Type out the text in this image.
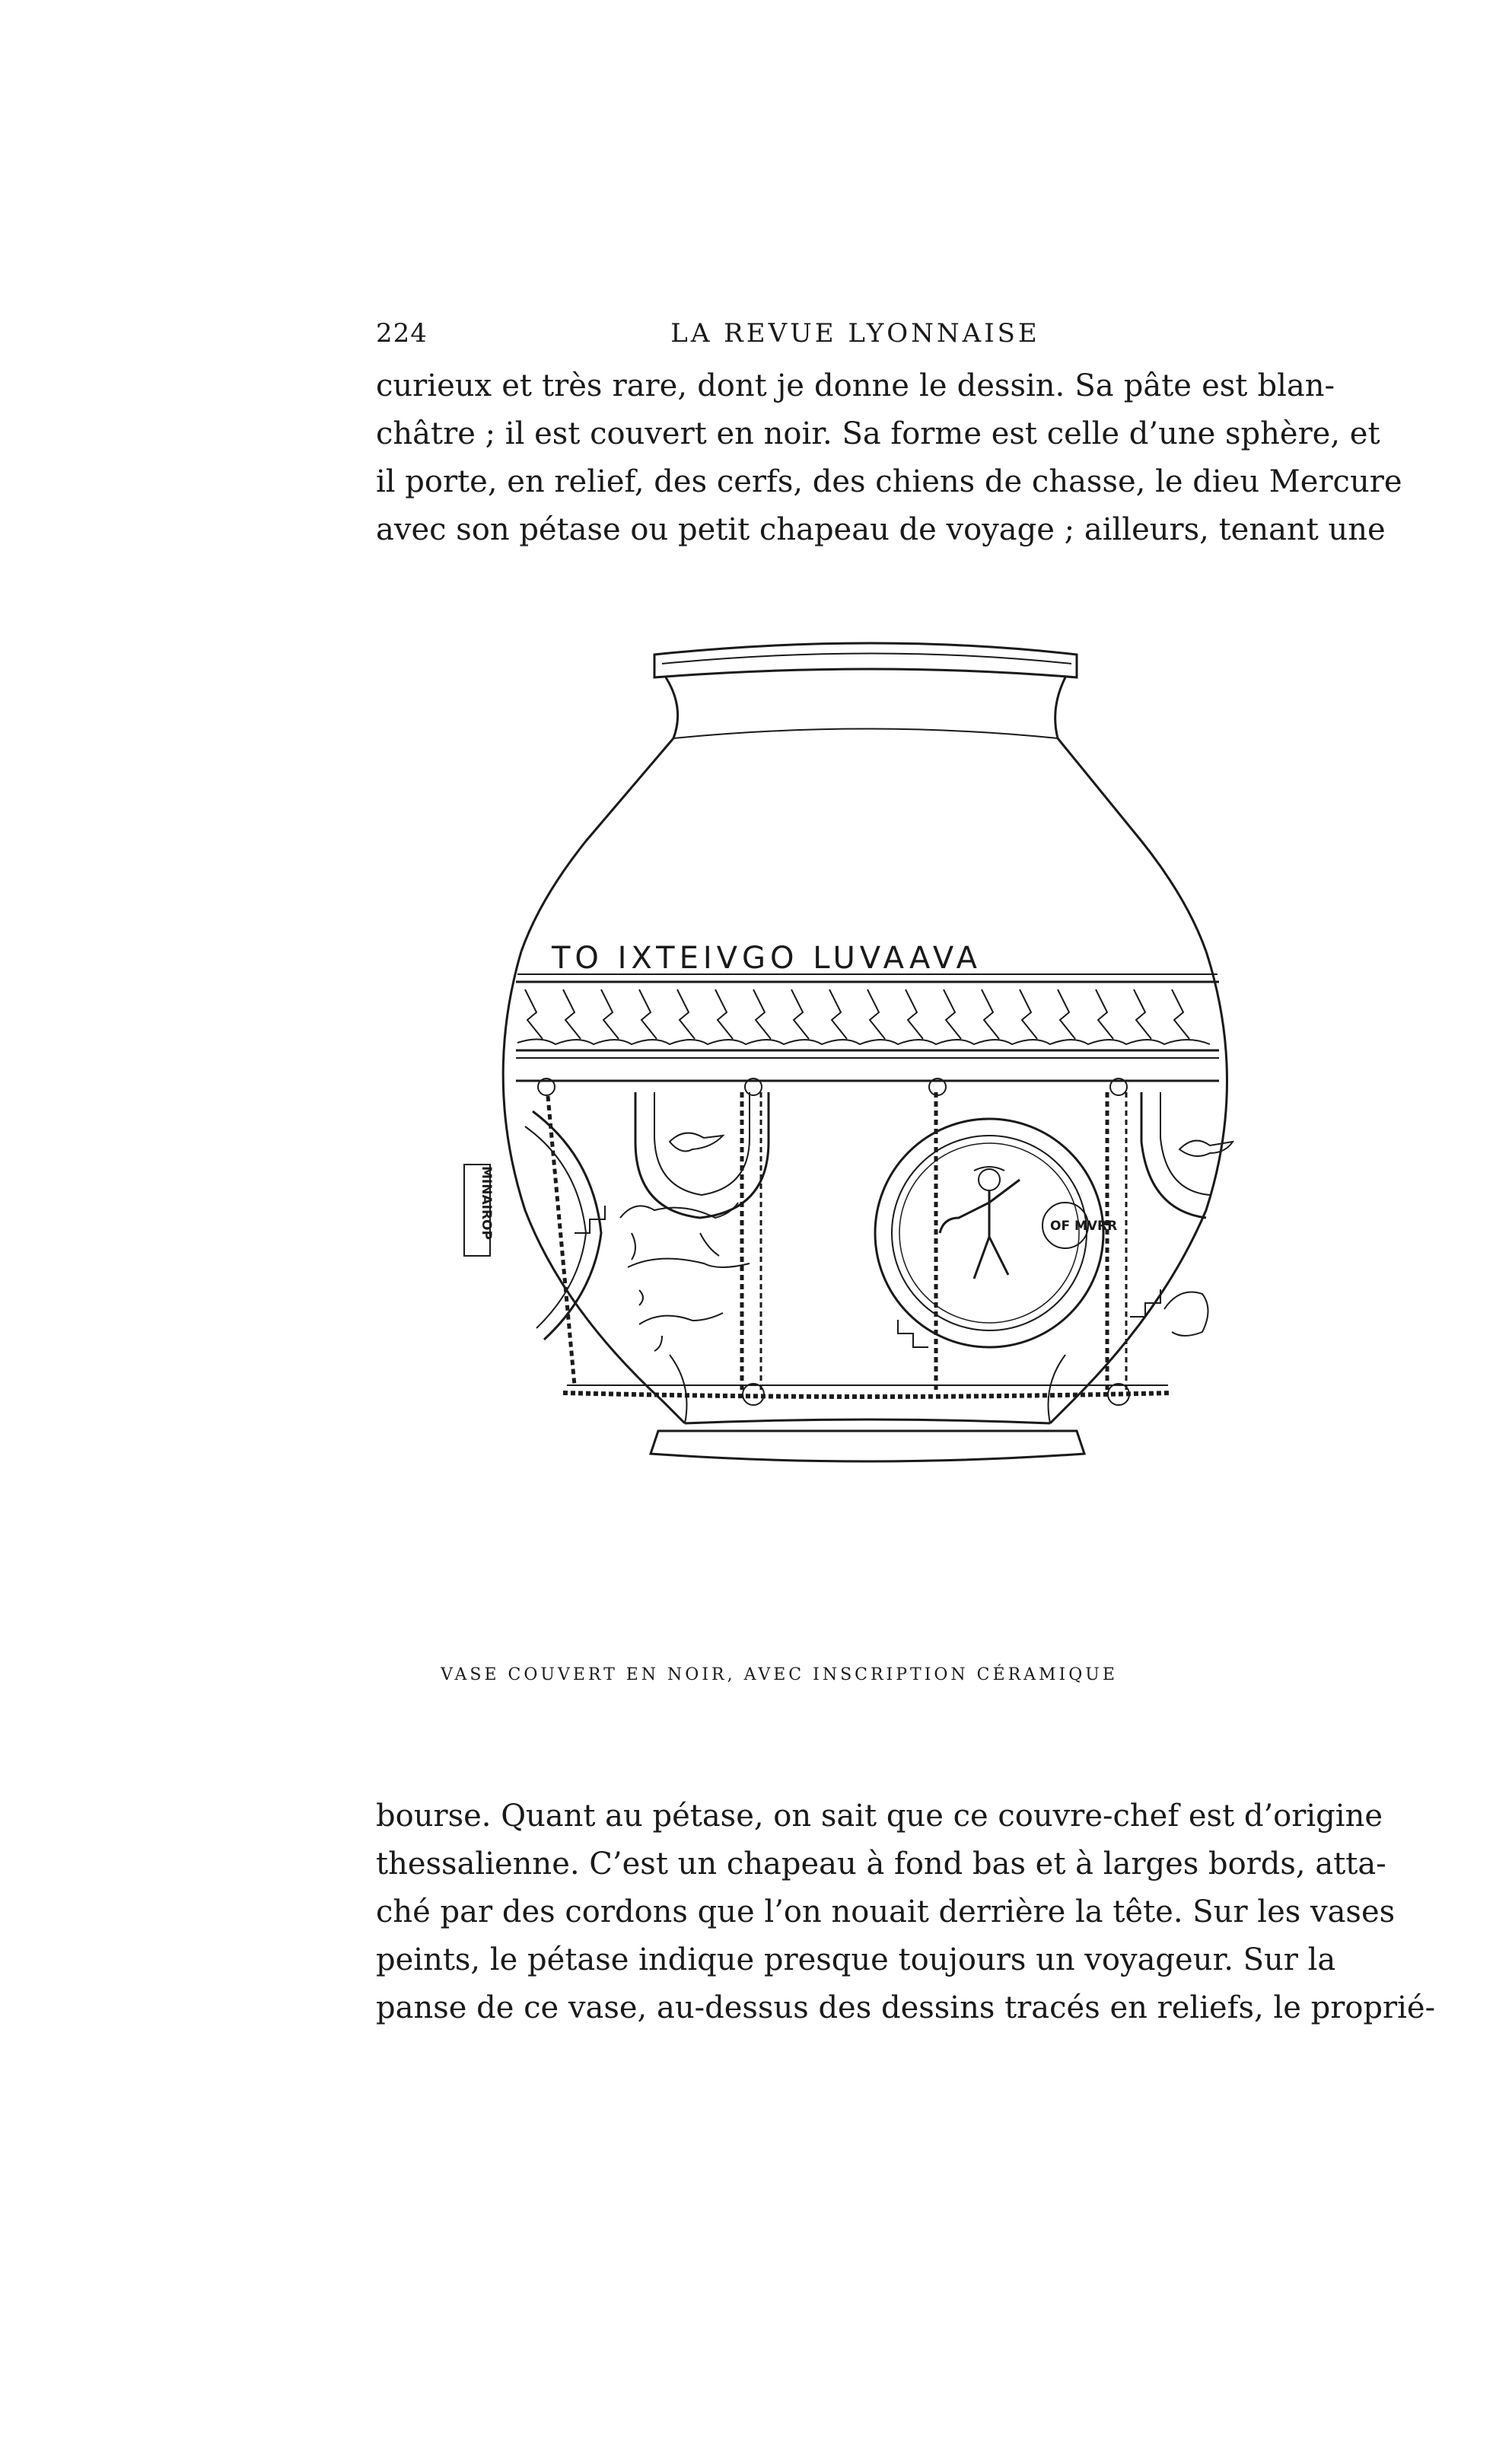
224	LA REVUE LYONNAISE
curieux et très rare, dont je donne le dessin. Sa pâte est blan-
châtre ; il est couvert en noir. Sa forme est celle d’une sphère, et
il porte, en relief, des cerfs, des chiens de chasse, le dieu Mercure
avec son pétase ou petit chapeau de voyage ; ailleurs, tenant une
MINAIROP	OF MVRR
TO IXTEIVGO LUVAAVA
VASE COUVERT EN NOIR, AVEC INSCRIPTION CÉRAMIQUE
bourse. Quant au pétase, on sait que ce couvre-chef est d’origine
thessalienne. C’est un chapeau à fond bas et à larges bords, atta-
ché par des cordons que l’on nouait derrière la tête. Sur les vases
peints, le pétase indique presque toujours un voyageur. Sur la
panse de ce vase, au-dessus des dessins tracés en reliefs, le proprié-
